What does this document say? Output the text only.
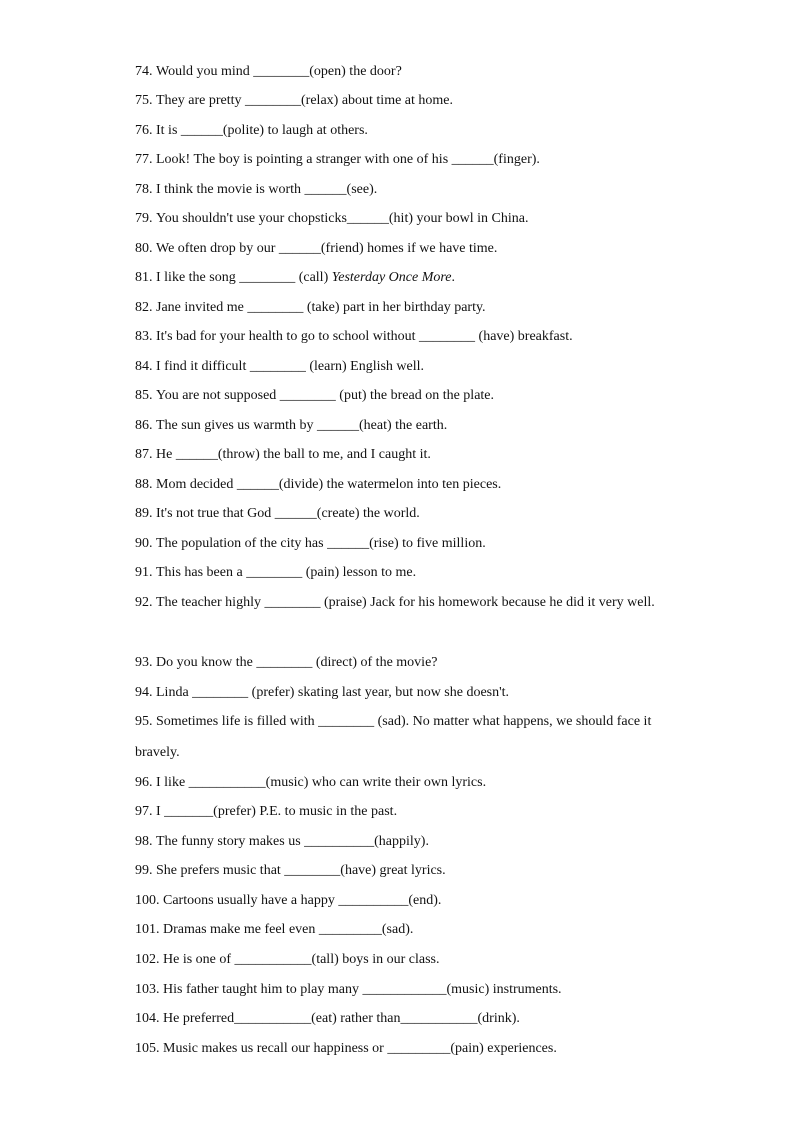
74. Would you mind ________(open) the door?
75. They are pretty ________(relax) about time at home.
76. It is ______(polite) to laugh at others.
77. Look! The boy is pointing a stranger with one of his ______(finger).
78. I think the movie is worth ______(see).
79. You shouldn't use your chopsticks______(hit) your bowl in China.
80. We often drop by our ______(friend) homes if we have time.
81. I like the song ________ (call) Yesterday Once More.
82. Jane invited me ________ (take) part in her birthday party.
83. It's bad for your health to go to school without ________ (have) breakfast.
84. I find it difficult ________ (learn) English well.
85. You are not supposed ________ (put) the bread on the plate.
86. The sun gives us warmth by ______(heat) the earth.
87. He ______(throw) the ball to me, and I caught it.
88. Mom decided ______(divide) the watermelon into ten pieces.
89. It's not true that God ______(create) the world.
90. The population of the city has ______(rise) to five million.
91. This has been a ________ (pain) lesson to me.
92. The teacher highly ________ (praise) Jack for his homework because he did it very well.
93. Do you know the ________ (direct) of the movie?
94. Linda ________ (prefer) skating last year, but now she doesn't.
95. Sometimes life is filled with ________ (sad). No matter what happens, we should face it
bravely.
96. I like ___________(music) who can write their own lyrics.
97. I _______(prefer) P.E. to music in the past.
98. The funny story makes us __________(happily).
99. She prefers music that ________(have) great lyrics.
100. Cartoons usually have a happy __________(end).
101. Dramas make me feel even _________(sad).
102. He is one of ___________(tall) boys in our class.
103. His father taught him to play many ____________(music) instruments.
104. He preferred___________(eat) rather than___________(drink).
105. Music makes us recall our happiness or _________(pain) experiences.
